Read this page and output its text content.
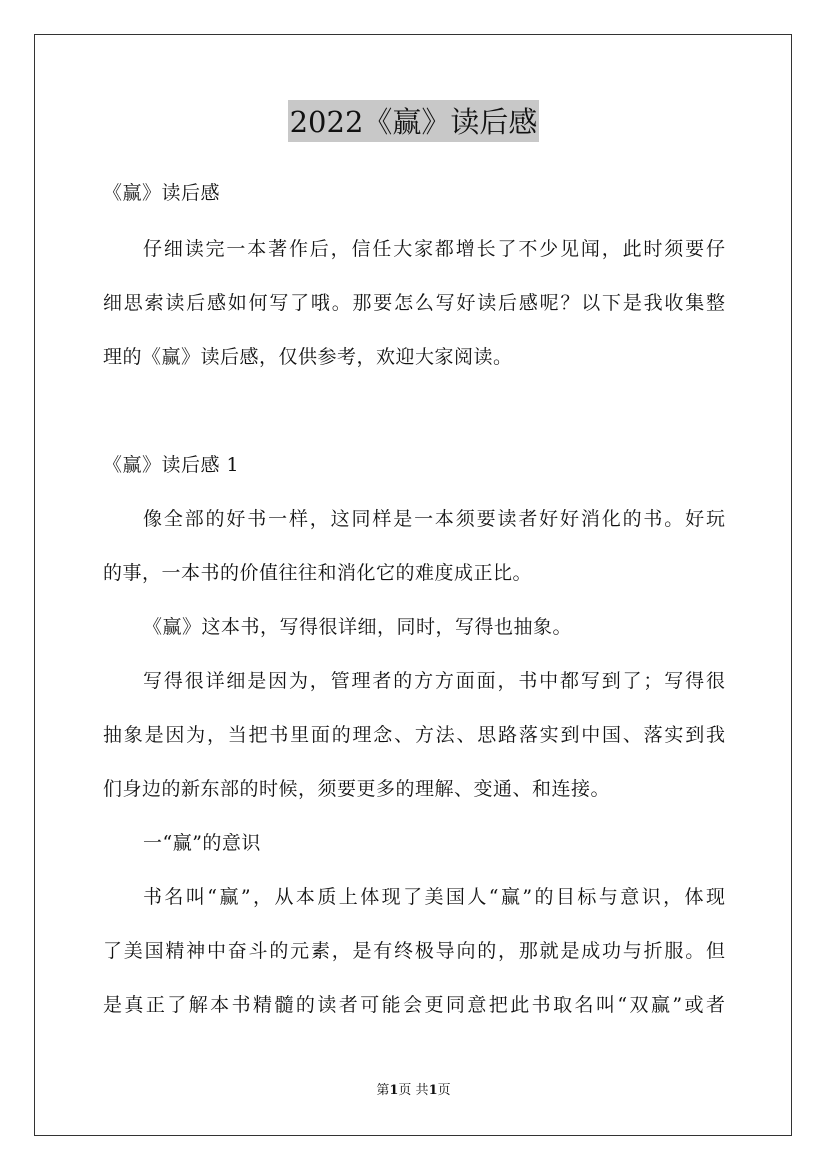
2022《赢》读后感
《赢》读后感
仔细读完一本著作后，信任大家都增长了不少见闻，此时须要仔
细思索读后感如何写了哦。那要怎么写好读后感呢？以下是我收集整
理的《赢》读后感，仅供参考，欢迎大家阅读。
《赢》读后感 1
像全部的好书一样，这同样是一本须要读者好好消化的书。好玩
的事，一本书的价值往往和消化它的难度成正比。
《赢》这本书，写得很详细，同时，写得也抽象。
写得很详细是因为，管理者的方方面面，书中都写到了；写得很
抽象是因为，当把书里面的理念、方法、思路落实到中国、落实到我
们身边的新东部的时候，须要更多的理解、变通、和连接。
一“赢”的意识
书名叫“赢”，从本质上体现了美国人“赢”的目标与意识，体现
了美国精神中奋斗的元素，是有终极导向的，那就是成功与折服。但
是真正了解本书精髓的读者可能会更同意把此书取名叫“双赢”或者
第1页 共1页
